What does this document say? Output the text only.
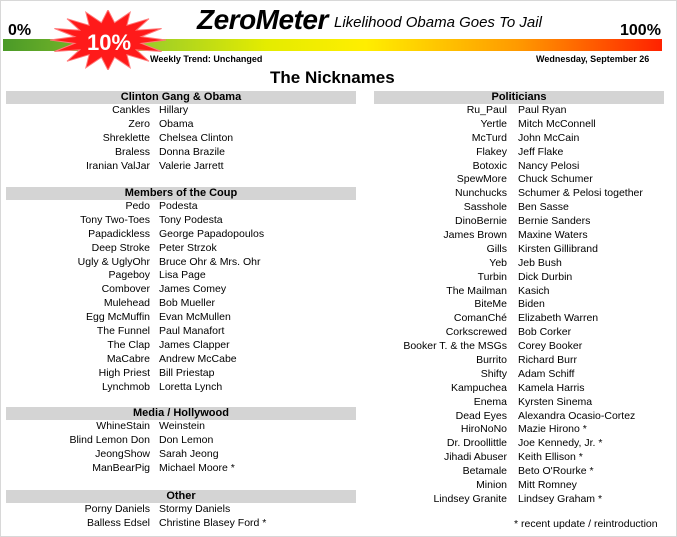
0%	100%
10%
ZeroMeter Likelihood Obama Goes To Jail
Weekly Trend: Unchanged	Wednesday, September 26
The Nicknames
Clinton Gang & Obama
Cankles Hillary
Zero Obama
Shreklette Chelsea Clinton
Braless Donna Brazile
Iranian ValJar Valerie Jarrett
Members of the Coup
Pedo Podesta
Tony Two-Toes Tony Podesta
Papadickless George Papadopoulos
Deep Stroke Peter Strzok
Ugly & UglyOhr Bruce Ohr & Mrs. Ohr
Pageboy Lisa Page
Combover James Comey
Mulehead Bob Mueller
Egg McMuffin Evan McMullen
The Funnel Paul Manafort
The Clap James Clapper
MaCabre Andrew McCabe
High Priest Bill Priestap
Lynchmob Loretta Lynch
Media / Hollywood
WhineStain Weinstein
Blind Lemon Don Don Lemon
JeongShow Sarah Jeong
ManBearPig Michael Moore *
Other
Porny Daniels Stormy Daniels
Balless Edsel Christine Blasey Ford *
Politicians
Ru_Paul Paul Ryan
Yertle Mitch McConnell
McTurd John McCain
Flakey Jeff Flake
Botoxic Nancy Pelosi
SpewMore Chuck Schumer
Nunchucks Schumer & Pelosi together
Sasshole Ben Sasse
DinoBernie Bernie Sanders
James Brown Maxine Waters
Gills Kirsten Gillibrand
Yeb Jeb Bush
Turbin Dick Durbin
The Mailman Kasich
BiteMe Biden
ComanChé Elizabeth Warren
Corkscrewed Bob Corker
Booker T. & the MSGs Corey Booker
Burrito Richard Burr
Shifty Adam Schiff
Kampuchea Kamela Harris
Enema Kyrsten Sinema
Dead Eyes Alexandra Ocasio-Cortez
HiroNoNo Mazie Hirono *
Dr. Droollittle Joe Kennedy, Jr. *
Jihadi Abuser Keith Ellison *
Betamale Beto O'Rourke *
Minion Mitt Romney
Lindsey Granite Lindsey Graham *
* recent update / reintroduction
